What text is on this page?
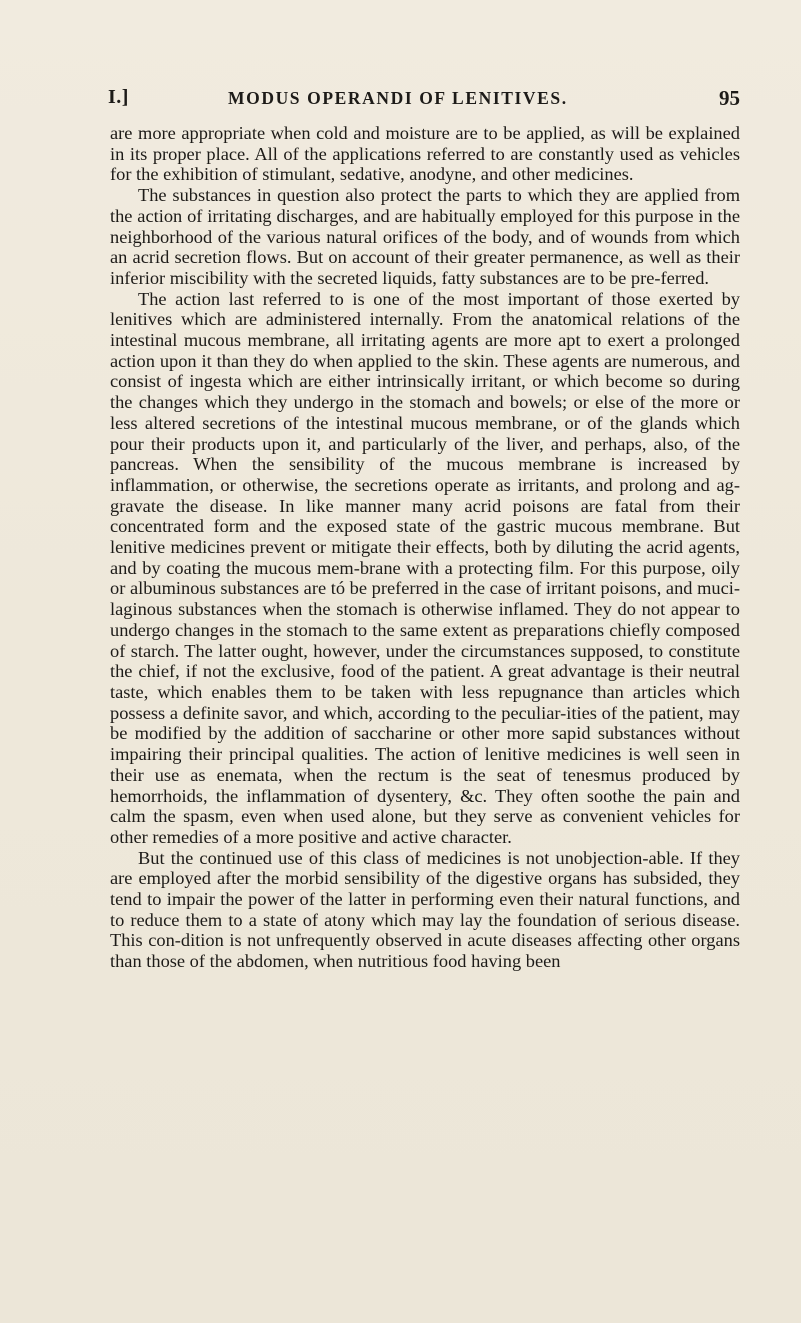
I.]	MODUS OPERANDI OF LENITIVES.	95

are more appropriate when cold and moisture are to be applied, as will be explained in its proper place. All of the applications referred to are constantly used as vehicles for the exhibition of stimulant, sedative, anodyne, and other medicines.

The substances in question also protect the parts to which they are applied from the action of irritating discharges, and are habitually employed for this purpose in the neighborhood of the various natural orifices of the body, and of wounds from which an acrid secretion flows. But on account of their greater permanence, as well as their inferior miscibility with the secreted liquids, fatty substances are to be pre-ferred.

The action last referred to is one of the most important of those exerted by lenitives which are administered internally. From the anatomical relations of the intestinal mucous membrane, all irritating agents are more apt to exert a prolonged action upon it than they do when applied to the skin. These agents are numerous, and consist of ingesta which are either intrinsically irritant, or which become so during the changes which they undergo in the stomach and bowels; or else of the more or less altered secretions of the intestinal mucous membrane, or of the glands which pour their products upon it, and particularly of the liver, and perhaps, also, of the pancreas. When the sensibility of the mucous membrane is increased by inflammation, or otherwise, the secretions operate as irritants, and prolong and ag-gravate the disease. In like manner many acrid poisons are fatal from their concentrated form and the exposed state of the gastric mucous membrane. But lenitive medicines prevent or mitigate their effects, both by diluting the acrid agents, and by coating the mucous mem-brane with a protecting film. For this purpose, oily or albuminous substances are tó be preferred in the case of irritant poisons, and muci-laginous substances when the stomach is otherwise inflamed. They do not appear to undergo changes in the stomach to the same extent as preparations chiefly composed of starch. The latter ought, however, under the circumstances supposed, to constitute the chief, if not the exclusive, food of the patient. A great advantage is their neutral taste, which enables them to be taken with less repugnance than articles which possess a definite savor, and which, according to the peculiar-ities of the patient, may be modified by the addition of saccharine or other more sapid substances without impairing their principal qualities. The action of lenitive medicines is well seen in their use as enemata, when the rectum is the seat of tenesmus produced by hemorrhoids, the inflammation of dysentery, &c. They often soothe the pain and calm the spasm, even when used alone, but they serve as convenient vehicles for other remedies of a more positive and active character.

But the continued use of this class of medicines is not unobjection-able. If they are employed after the morbid sensibility of the digestive organs has subsided, they tend to impair the power of the latter in performing even their natural functions, and to reduce them to a state of atony which may lay the foundation of serious disease. This con-dition is not unfrequently observed in acute diseases affecting other organs than those of the abdomen, when nutritious food having been
